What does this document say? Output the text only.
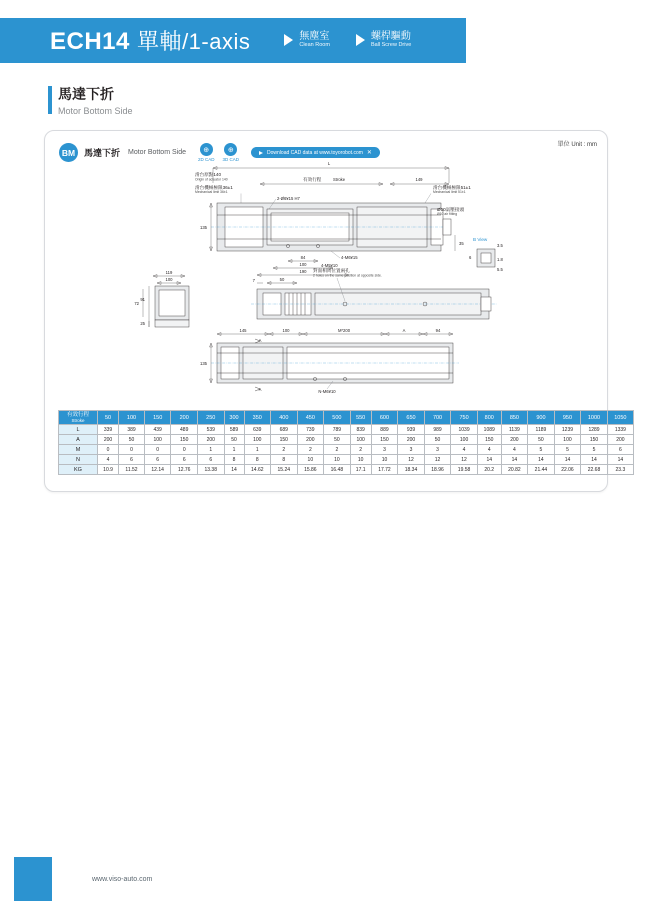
ECH14 單軸/1-axis	無塵室
Clean Room
螺桿驅動
Ball Screw Drive
馬達下折
Motor Bottom Side
單位 Unit : mm
BM 馬達下折 Motor Bottom Side	⊕
2D CAD
⊕
3D CAD
Download CAD data at www.toyorobot.com ✕
L
滑台原點140
Origin of actuator 140	有效行程	Stroke	149
滑台機械極限36±1
Mechanical limit 36±1
滑台機械極限51±1
Mechanical limit 51±1
2-Ø6¥15 H7
135
4-M6¥15
84
100
190
Ø10氣壓接頭
Ø10 air fitting
35
B View
3.5
6	1.8
5.5
119
100
91
72
25
7	50
4-M5¥10
對面相同位置兩孔
2 holes on the same position at opposite side.
145	100	M*200	A	94
135
A
A	N-M6¥10
有效行程
Stroke	50	100	150	200	250	300	350	400	450	500	550	600	650	700	750	800	850	900	950	1000	1050
L	339	389	439	489	539	589	639	689	739	789	839	889	939	989	1039	1089	1139	1189	1239	1289	1339
A	200	50	100	150	200	50	100	150	200	50	100	150	200	50	100	150	200	50	100	150	200
M	0	0	0	0	1	1	1	2	2	2	2	3	3	3	4	4	4	5	5	5	6
N	4	6	6	6	6	8	8	8	10	10	10	10	12	12	12	14	14	14	14	14	14
KG	10.9	11.52	12.14	12.76	13.38	14	14.62	15.24	15.86	16.48	17.1	17.72	18.34	18.96	19.58	20.2	20.82	21.44	22.06	22.68	23.3
www.viso-auto.com
